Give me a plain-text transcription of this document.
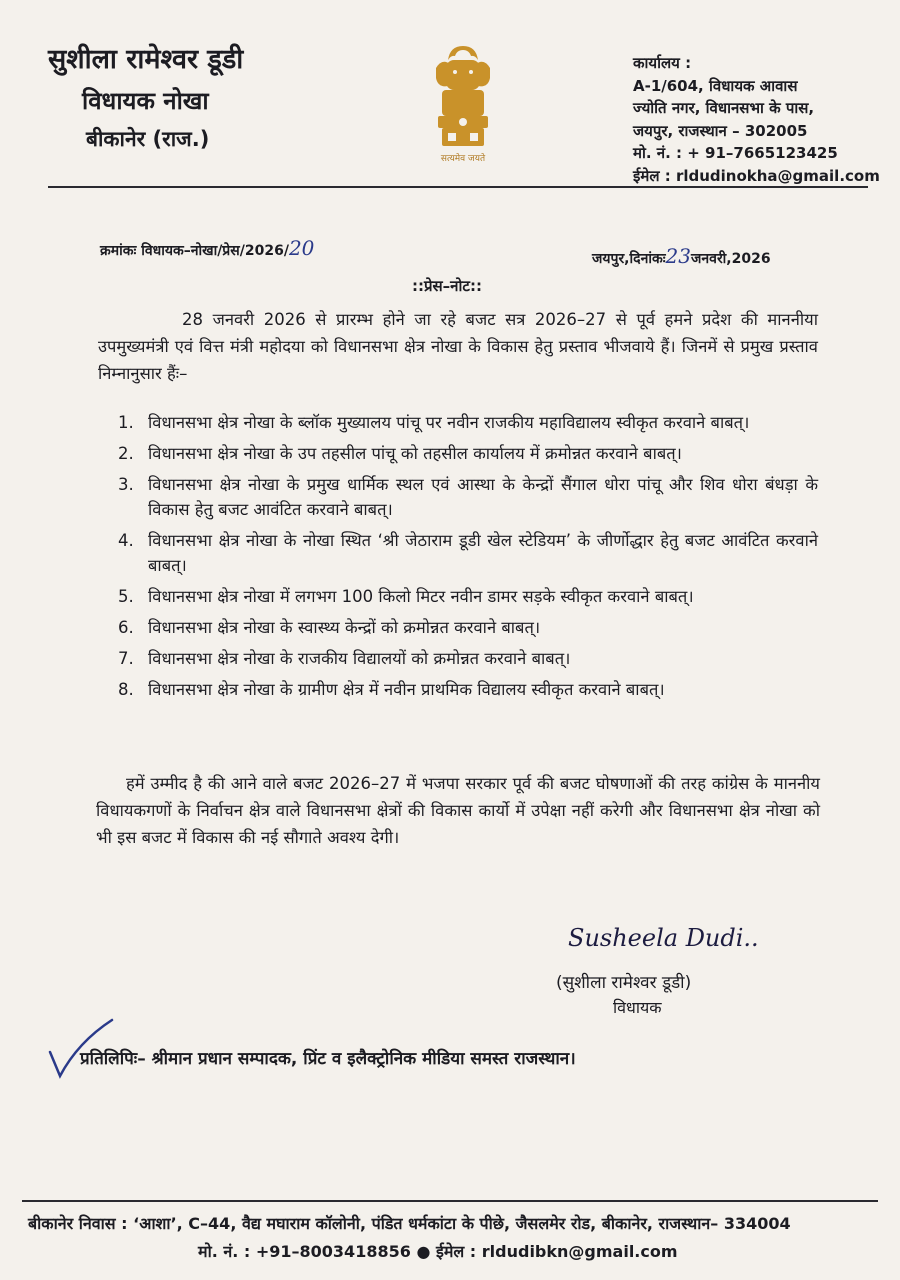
सुशीला रामेश्वर डूडी
विधायक नोखा
बीकानेर (राज.)
सत्यमेव जयते
कार्यालय :
A-1/604, विधायक आवास
ज्योति नगर, विधानसभा के पास,
जयपुर, राजस्थान – 302005
मो. नं. : + 91–7665123425
ईमेल : rldudinokha@gmail.com
क्रमांकः विधायक–नोखा/प्रेस/2026/20	जयपुर,दिनांकः23जनवरी,2026
::प्रेस–नोट::

28 जनवरी 2026 से प्रारम्भ होने जा रहे बजट सत्र 2026–27 से पूर्व हमने प्रदेश की माननीया उपमुख्यमंत्री एवं वित्त मंत्री महोदया को विधानसभा क्षेत्र नोखा के विकास हेतु प्रस्ताव भीजवाये हैं। जिनमें से प्रमुख प्रस्ताव निम्नानुसार हैंः–

1. विधानसभा क्षेत्र नोखा के ब्लॉक मुख्यालय पांचू पर नवीन राजकीय महाविद्यालय स्वीकृत करवाने बाबत्।
2. विधानसभा क्षेत्र नोखा के उप तहसील पांचू को तहसील कार्यालय में क्रमोन्नत करवाने बाबत्।
3. विधानसभा क्षेत्र नोखा के प्रमुख धार्मिक स्थल एवं आस्था के केन्द्रों सैंगाल धोरा पांचू और शिव धोरा बंधड़ा के विकास हेतु बजट आवंटित करवाने बाबत्।
4. विधानसभा क्षेत्र नोखा के नोखा स्थित ‘श्री जेठाराम डूडी खेल स्टेडियम’ के जीर्णोद्धार हेतु बजट आवंटित करवाने बाबत्।
5. विधानसभा क्षेत्र नोखा में लगभग 100 किलो मिटर नवीन डामर सड़के स्वीकृत करवाने बाबत्।
6. विधानसभा क्षेत्र नोखा के स्वास्थ्य केन्द्रों को क्रमोन्नत करवाने बाबत्।
7. विधानसभा क्षेत्र नोखा के राजकीय विद्यालयों को क्रमोन्नत करवाने बाबत्।
8. विधानसभा क्षेत्र नोखा के ग्रामीण क्षेत्र में नवीन प्राथमिक विद्यालय स्वीकृत करवाने बाबत्।

हमें उम्मीद है की आने वाले बजट 2026–27 में भजपा सरकार पूर्व की बजट घोषणाओं की तरह कांग्रेस के माननीय विधायकगणों के निर्वाचन क्षेत्र वाले विधानसभा क्षेत्रों की विकास कार्यो में उपेक्षा नहीं करेगी और विधानसभा क्षेत्र नोखा को भी इस बजट में विकास की नई सौगाते अवश्य देगी।

Susheela Dudi..
(सुशीला रामेश्वर डूडी)
विधायक
प्रतिलिपिः– श्रीमान प्रधान सम्पादक, प्रिंट व इलैक्ट्रोनिक मीडिया समस्त राजस्थान।
बीकानेर निवास : ‘आशा’, C–44, वैद्य मघाराम कॉलोनी, पंडित धर्मकांटा के पीछे, जैसलमेर रोड, बीकानेर, राजस्थान– 334004
मो. नं. : +91–8003418856 ● ईमेल : rldudibkn@gmail.com
